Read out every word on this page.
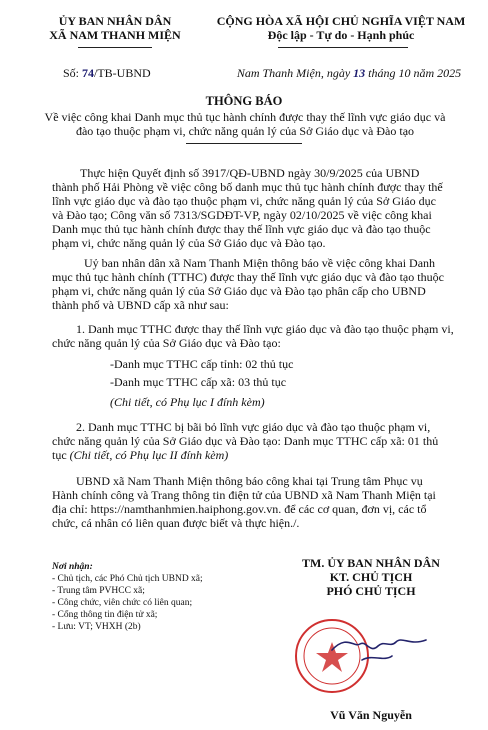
ỦY BAN NHÂN DÂN
XÃ NAM THANH MIỆN
CỘNG HÒA XÃ HỘI CHỦ NGHĨA VIỆT NAM
Độc lập - Tự do - Hạnh phúc
Số: 74/TB-UBND	Nam Thanh Miện, ngày 13 tháng 10 năm 2025
THÔNG BÁO
Về việc công khai Danh mục thủ tục hành chính được thay thế lĩnh vực giáo dục và
đào tạo thuộc phạm vi, chức năng quản lý của Sở Giáo dục và Đào tạo
Thực hiện Quyết định số 3917/QĐ-UBND ngày 30/9/2025 của UBND
thành phố Hải Phòng về việc công bố danh mục thủ tục hành chính được thay thế
lĩnh vực giáo dục và đào tạo thuộc phạm vi, chức năng quản lý của Sở Giáo dục
và Đào tạo; Công văn số 7313/SGDĐT-VP, ngày 02/10/2025 về việc công khai
Danh mục thủ tục hành chính được thay thế lĩnh vực giáo dục và đào tạo thuộc
phạm vi, chức năng quản lý của Sở Giáo dục và Đào tạo.
Uỷ ban nhân dân xã Nam Thanh Miện thông báo về việc công khai Danh
mục thủ tục hành chính (TTHC) được thay thế lĩnh vực giáo dục và đào tạo thuộc
phạm vi, chức năng quản lý của Sở Giáo dục và Đào tạo phân cấp cho UBND
thành phố và UBND cấp xã như sau:
1. Danh mục TTHC được thay thế lĩnh vực giáo dục và đào tạo thuộc phạm vi,
chức năng quản lý của Sở Giáo dục và Đào tạo:
-Danh mục TTHC cấp tỉnh: 02 thủ tục
-Danh mục TTHC cấp xã: 03 thủ tục
(Chi tiết, có Phụ lục I đính kèm)
2. Danh mục TTHC bị bãi bỏ lĩnh vực giáo dục và đào tạo thuộc phạm vi,
chức năng quản lý của Sở Giáo dục và Đào tạo: Danh mục TTHC cấp xã: 01 thủ
tục (Chi tiết, có Phụ lục II đính kèm)
UBND xã Nam Thanh Miện thông báo công khai tại Trung tâm Phục vụ
Hành chính công và Trang thông tin điện tử của UBND xã Nam Thanh Miện tại
địa chỉ: https://namthanhmien.haiphong.gov.vn. để các cơ quan, đơn vị, các tổ
chức, cá nhân có liên quan được biết và thực hiện./.
Nơi nhận:
- Chủ tịch, các Phó Chủ tịch UBND xã;
- Trung tâm PVHCC xã;
- Công chức, viên chức có liên quan;
- Cổng thông tin điện tử xã;
- Lưu: VT; VHXH (2b)
TM. ỦY BAN NHÂN DÂN
KT. CHỦ TỊCH
PHÓ CHỦ TỊCH
Vũ Văn Nguyễn
